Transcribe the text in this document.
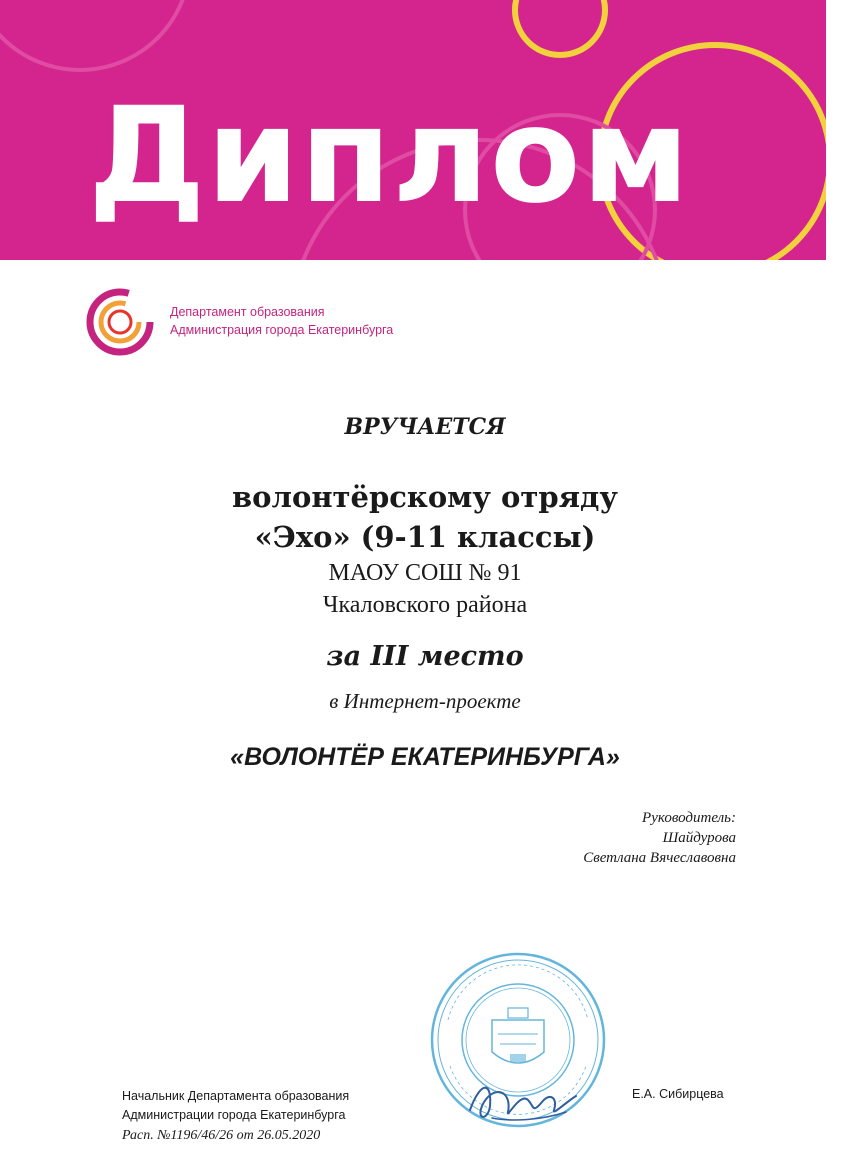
Диплом
Департамент образования
Администрация города Екатеринбурга
ВРУЧАЕТСЯ
волонтёрскому отряду
«Эхо» (9-11 классы)
МАОУ СОШ № 91
Чкаловского района
за III место
в Интернет-проекте
«ВОЛОНТЁР ЕКАТЕРИНБУРГА»
Руководитель:
Шайдурова
Светлана Вячеславовна
Начальник Департамента образования
Администрации города Екатеринбурга
Расп. №1196/46/26 от 26.05.2020
Е.А. Сибирцева
